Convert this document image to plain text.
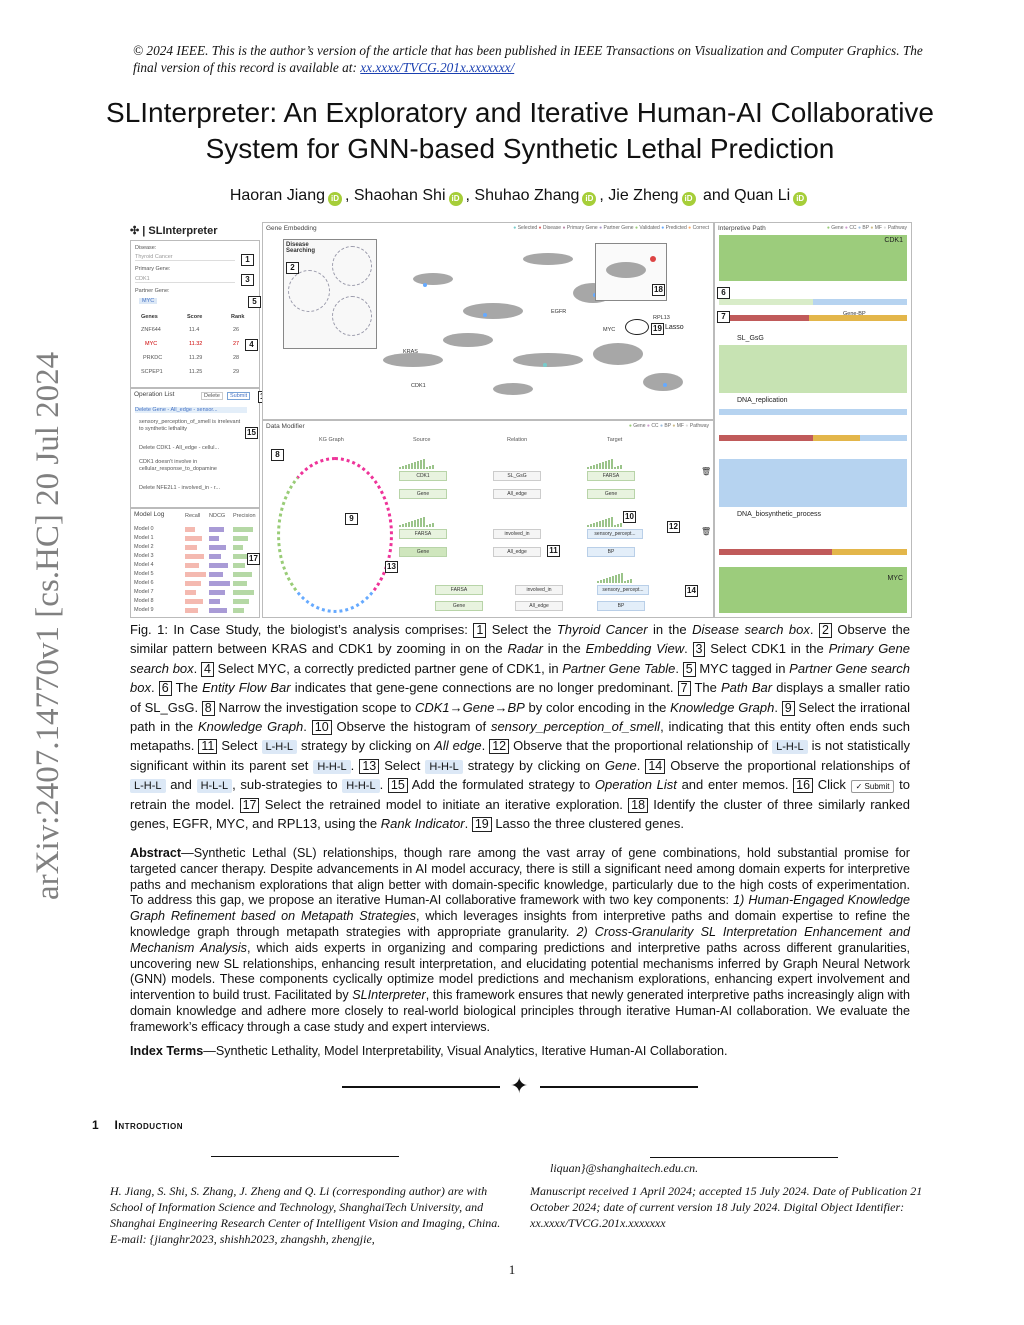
© 2024 IEEE. This is the author’s version of the article that has been published in IEEE Transactions on Visualization and Computer Graphics. The final version of this record is available at: xx.xxxx/TVCG.201x.xxxxxxx/
SLInterpreter: An Exploratory and Iterative Human-AI Collaborative System for GNN-based Synthetic Lethal Prediction
Haoran Jiang iD , Shaohan Shi iD , Shuhao Zhang iD , Jie Zheng iD and Quan Li iD
arXiv:2407.14770v1 [cs.HC] 20 Jul 2024
✣ | SLInterpreter
Disease:
Thyroid Cancer
Primary Gene:
CDK1
Partner Gene:
MYC
Genes	Score	Rank
ZNF644	11.4	26
MYC	11.32	27
PRKDC	11.29	28
SCPEP1	11.25	29
1
3
5
4
Operation List	Delete	Submit
Delete Gene - All_edge - sensor...
sensory_perception_of_smell is irrelevant to synthetic lethality
Delete CDK1 - All_edge - cellul...
CDK1 doesn't involve in cellular_response_to_dopamine
Delete NFE2L1 - involved_in - r...
15
Model Log	Recall NDCG Precision
Model 0
Model 1
Model 2
Model 3
Model 4
Model 5
Model 6
Model 7
Model 8
Model 9
17
Gene Embedding	● Selected ● Disease ● Primary Gene ● Partner Gene ● Validated ● Predicted ● Correct
Disease Searching
2
KRAS
CDK1
EGFR
MYC
RPL13
18
19 Lasso
Data Modifier	● Gene ● CC ● BP ● MF ● Pathway
KG Graph	Source	Relation	Target
8
9
13
CDK1	SL_GsG	FARSA
Gene	All_edge	Gene
FARSA	involved_in	sensory_percept...
Gene	All_edge	BP
FARSA	involved_in	sensory_percept...
Gene	All_edge	BP
10
12
11
14
🗑
🗑
Interpretive Path	● Gene ● CC ● BP ● MF ● Pathway
CDK1
Gene-BP
SL_GsG
DNA_replication
DNA_biosynthetic_process
MYC
6
7
Fig. 1: In Case Study, the biologist’s analysis comprises: 1 Select the Thyroid Cancer in the Disease search box. 2 Observe the similar pattern between KRAS and CDK1 by zooming in on the Radar in the Embedding View. 3 Select CDK1 in the Primary Gene search box. 4 Select MYC, a correctly predicted partner gene of CDK1, in Partner Gene Table. 5 MYC tagged in Partner Gene search box. 6 The Entity Flow Bar indicates that gene-gene connections are no longer predominant. 7 The Path Bar displays a smaller ratio of SL_GsG. 8 Narrow the investigation scope to CDK1→Gene→BP by color encoding in the Knowledge Graph. 9 Select the irrational path in the Knowledge Graph. 10 Observe the histogram of sensory_perception_of_smell, indicating that this entity often ends such metapaths. 11 Select L-H-L strategy by clicking on All edge. 12 Observe that the proportional relationship of L-H-L is not statistically significant within its parent set H-H-L . 13 Select H-H-L strategy by clicking on Gene. 14 Observe the proportional relationships of L-H-L and H-L-L , sub-strategies to H-H-L . 15 Add the formulated strategy to Operation List and enter memos. 16 Click ✓ Submit to retrain the model. 17 Select the retrained model to initiate an iterative exploration. 18 Identify the cluster of three similarly ranked genes, EGFR, MYC, and RPL13, using the Rank Indicator. 19 Lasso the three clustered genes.
Abstract—Synthetic Lethal (SL) relationships, though rare among the vast array of gene combinations, hold substantial promise for targeted cancer therapy. Despite advancements in AI model accuracy, there is still a significant need among domain experts for interpretive paths and mechanism explorations that align better with domain-specific knowledge, particularly due to the high costs of experimentation. To address this gap, we propose an iterative Human-AI collaborative framework with two key components: 1) Human-Engaged Knowledge Graph Refinement based on Metapath Strategies, which leverages insights from interpretive paths and domain expertise to refine the knowledge graph through metapath strategies with appropriate granularity. 2) Cross-Granularity SL Interpretation Enhancement and Mechanism Analysis, which aids experts in organizing and comparing predictions and interpretive paths across different granularities, uncovering new SL relationships, enhancing result interpretation, and elucidating potential mechanisms inferred by Graph Neural Network (GNN) models. These components cyclically optimize model predictions and mechanism explorations, enhancing expert involvement and intervention to build trust. Facilitated by SLInterpreter, this framework ensures that newly generated interpretive paths increasingly align with domain knowledge and adhere more closely to real-world biological principles through iterative Human-AI collaboration. We evaluate the framework’s efficacy through a case study and expert interviews.
Index Terms—Synthetic Lethality, Model Interpretability, Visual Analytics, Iterative Human-AI Collaboration.
✦
1 Introduction
liquan}@shanghaitech.edu.cn.
H. Jiang, S. Shi, S. Zhang, J. Zheng and Q. Li (corresponding author) are with School of Information Science and Technology, ShanghaiTech University, and Shanghai Engineering Research Center of Intelligent Vision and Imaging, China. E-mail: {jianghr2023, shishh2023, zhangshh, zhengjie,
Manuscript received 1 April 2024; accepted 15 July 2024. Date of Publication 21 October 2024; date of current version 18 July 2024. Digital Object Identifier: xx.xxxx/TVCG.201x.xxxxxxx
1
